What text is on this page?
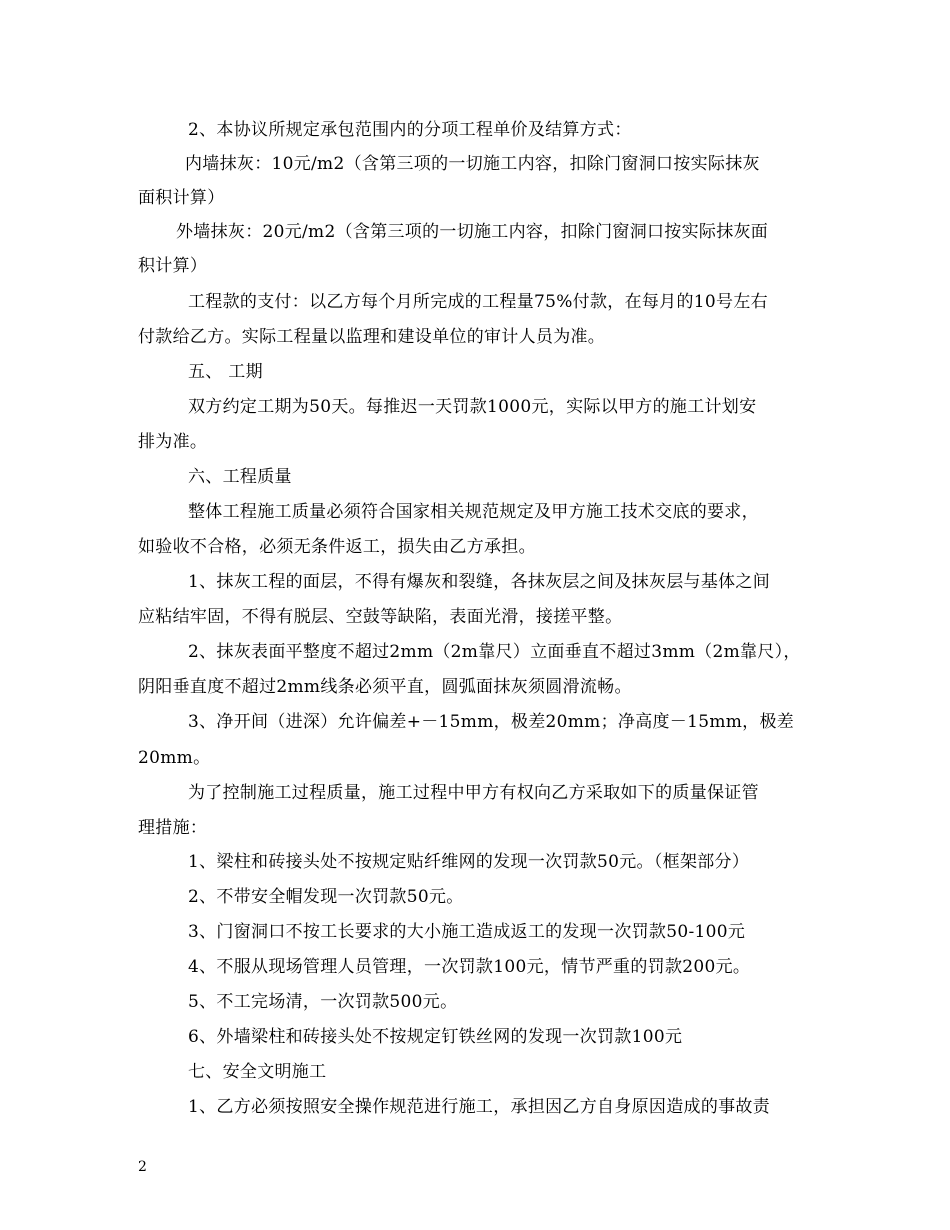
2、本协议所规定承包范围内的分项工程单价及结算方式：
内墙抹灰：10元/m2（含第三项的一切施工内容，扣除门窗洞口按实际抹灰
面积计算）
外墙抹灰：20元/m2（含第三项的一切施工内容，扣除门窗洞口按实际抹灰面
积计算）
工程款的支付：以乙方每个月所完成的工程量75%付款，在每月的10号左右
付款给乙方。实际工程量以监理和建设单位的审计人员为准。
五、 工期
双方约定工期为50天。每推迟一天罚款1000元，实际以甲方的施工计划安
排为准。
六、工程质量
整体工程施工质量必须符合国家相关规范规定及甲方施工技术交底的要求，
如验收不合格，必须无条件返工，损失由乙方承担。
1、抹灰工程的面层，不得有爆灰和裂缝，各抹灰层之间及抹灰层与基体之间
应粘结牢固，不得有脱层、空鼓等缺陷，表面光滑，接搓平整。
2、抹灰表面平整度不超过2mm（2m靠尺）立面垂直不超过3mm（2m靠尺），
阴阳垂直度不超过2mm线条必须平直，圆弧面抹灰须圆滑流畅。
3、净开间（进深）允许偏差+－15mm，极差20mm；净高度－15mm，极差
20mm。
为了控制施工过程质量，施工过程中甲方有权向乙方采取如下的质量保证管
理措施：
1、梁柱和砖接头处不按规定贴纤维网的发现一次罚款50元。（框架部分）
2、不带安全帽发现一次罚款50元。
3、门窗洞口不按工长要求的大小施工造成返工的发现一次罚款50-100元
4、不服从现场管理人员管理，一次罚款100元，情节严重的罚款200元。
5、不工完场清，一次罚款500元。
6、外墙梁柱和砖接头处不按规定钉铁丝网的发现一次罚款100元
七、安全文明施工
1、乙方必须按照安全操作规范进行施工，承担因乙方自身原因造成的事故责
2
